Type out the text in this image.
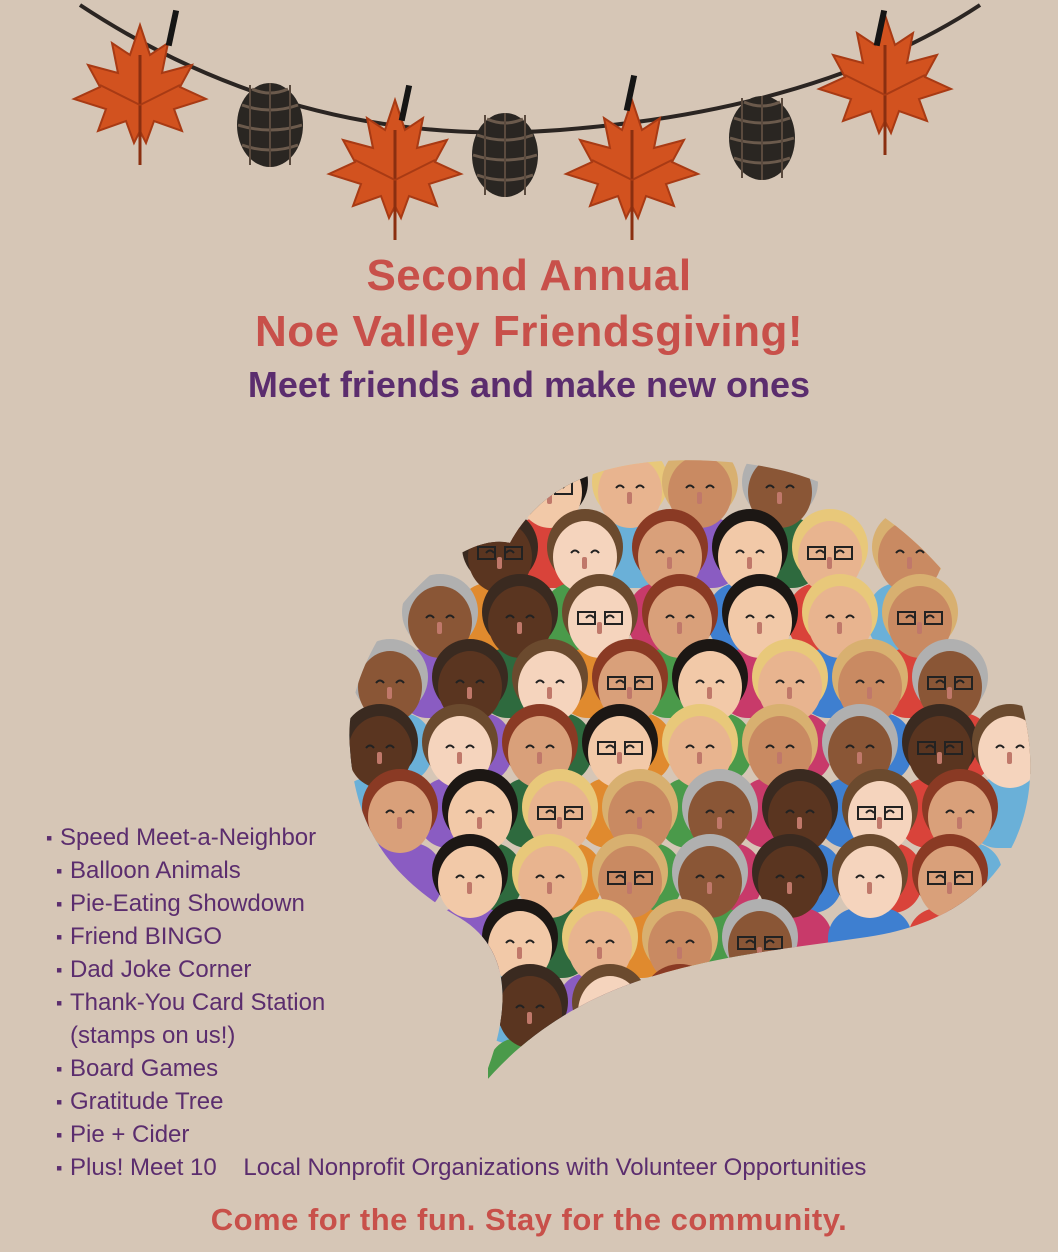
Second Annual
Noe Valley Friendsgiving!
Meet friends and make new ones
▪ Speed Meet-a-Neighbor
▪ Balloon Animals
▪ Pie-Eating Showdown
▪ Friend BINGO
▪ Dad Joke Corner
▪ Thank-You Card Station
(stamps on us!)
▪ Board Games
▪ Gratitude Tree
▪ Pie + Cider
▪ Plus! Meet 10    Local Nonprofit Organizations with Volunteer Opportunities
Come for the fun. Stay for the community.
